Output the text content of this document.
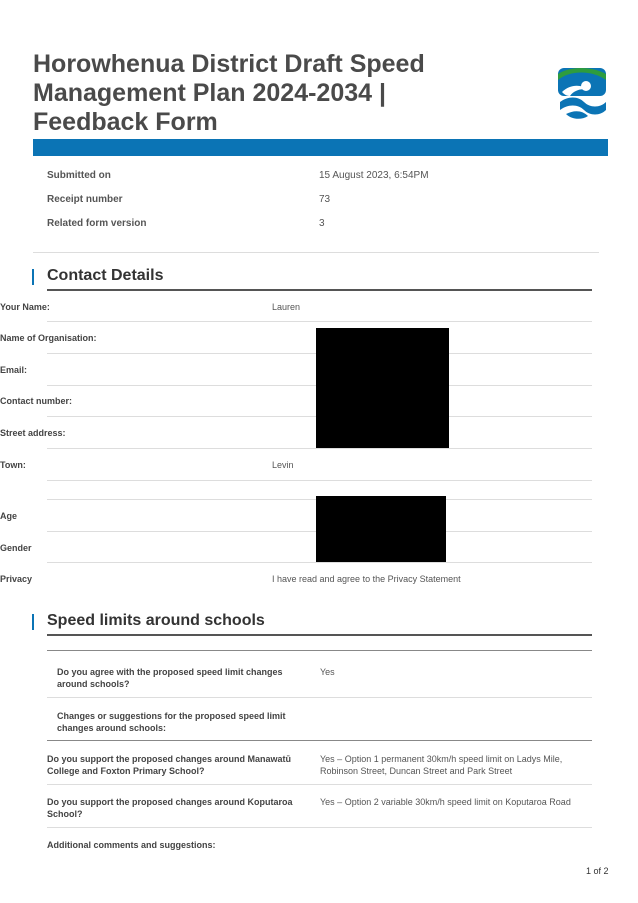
Horowhenua District Draft Speed
Management Plan 2024-2034 |
Feedback Form
Submitted on	15 August 2023, 6:54PM
Receipt number	73
Related form version	3
Contact Details
Your Name:	Lauren
Name of Organisation:
Email:
Contact number:
Street address:
Town:	Levin
Age
Gender
Privacy	I have read and agree to the Privacy Statement
Speed limits around schools
Do you agree with the proposed speed limit changes around schools?
Yes
Changes or suggestions for the proposed speed limit changes around schools:
Do you support the proposed changes around Manawatū College and Foxton Primary School?
Yes – Option 1 permanent 30km/h speed limit on Ladys Mile, Robinson Street, Duncan Street and Park Street
Do you support the proposed changes around Koputaroa School?
Yes – Option 2 variable 30km/h speed limit on Koputaroa Road
Additional comments and suggestions:
1 of 2
